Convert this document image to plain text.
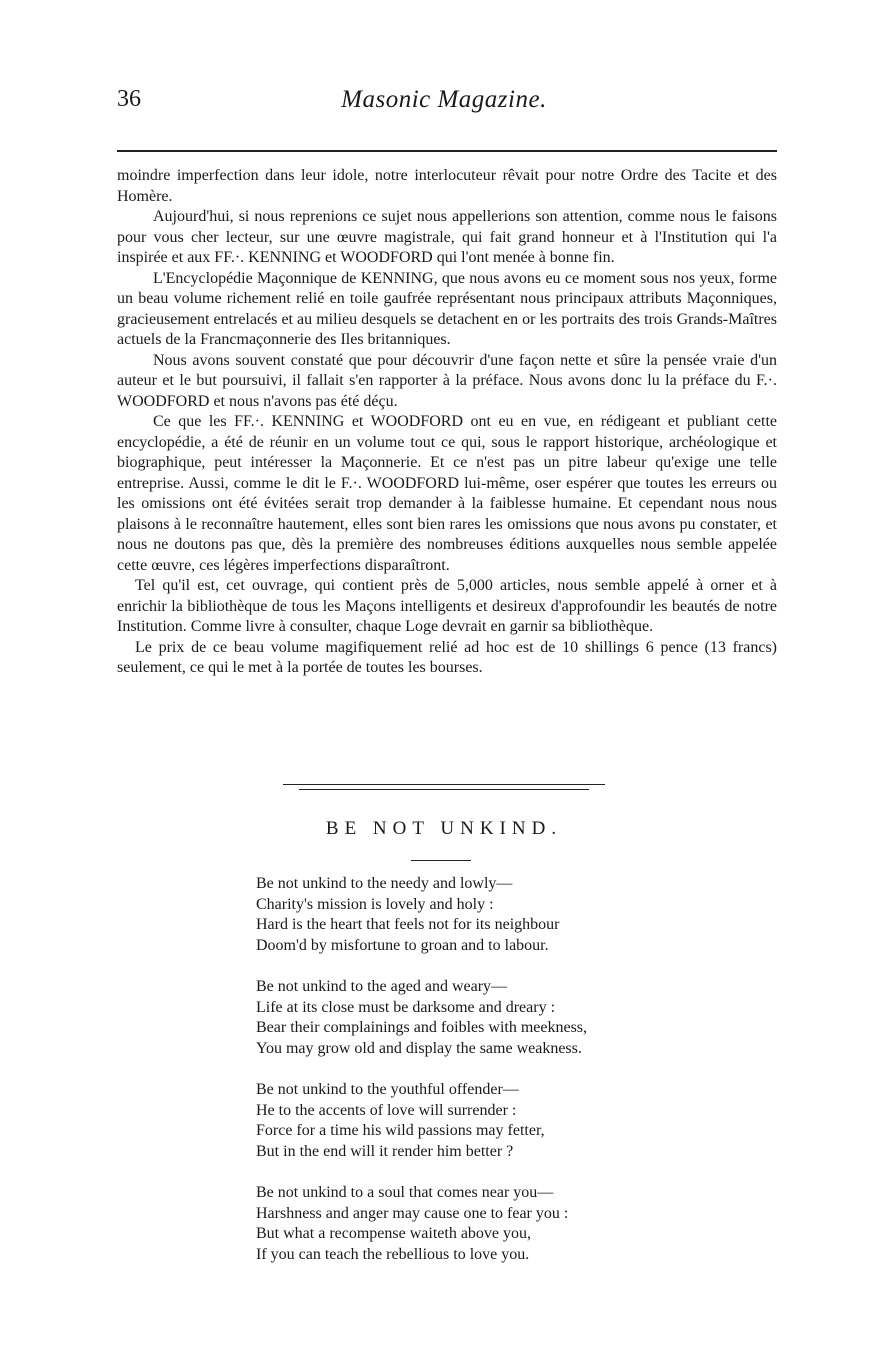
36	Masonic Magazine.

moindre imperfection dans leur idole, notre interlocuteur rêvait pour notre Ordre des Tacite et des Homère.

Aujourd'hui, si nous reprenions ce sujet nous appellerions son attention, comme nous le faisons pour vous cher lecteur, sur une œuvre magistrale, qui fait grand honneur et à l'Institution qui l'a inspirée et aux FF.·. KENNING et WOODFORD qui l'ont menée à bonne fin.

L'Encyclopédie Maçonnique de KENNING, que nous avons eu ce moment sous nos yeux, forme un beau volume richement relié en toile gaufrée représentant nous principaux attributs Maçonniques, gracieusement entrelacés et au milieu desquels se detachent en or les portraits des trois Grands-Maîtres actuels de la Francmaçonnerie des Iles britanniques.

Nous avons souvent constaté que pour découvrir d'une façon nette et sûre la pensée vraie d'un auteur et le but poursuivi, il fallait s'en rapporter à la préface. Nous avons donc lu la préface du F.·. WOODFORD et nous n'avons pas été déçu.

Ce que les FF.·. KENNING et WOODFORD ont eu en vue, en rédigeant et publiant cette encyclopédie, a été de réunir en un volume tout ce qui, sous le rapport historique, archéologique et biographique, peut intéresser la Maçonnerie. Et ce n'est pas un pitre labeur qu'exige une telle entreprise. Aussi, comme le dit le F.·. WOODFORD lui-même, oser espérer que toutes les erreurs ou les omissions ont été évitées serait trop demander à la faiblesse humaine. Et cependant nous nous plaisons à le reconnaître hautement, elles sont bien rares les omissions que nous avons pu constater, et nous ne doutons pas que, dès la première des nombreuses éditions auxquelles nous semble appelée cette œuvre, ces légères imperfections disparaîtront.

Tel qu'il est, cet ouvrage, qui contient près de 5,000 articles, nous semble appelé à orner et à enrichir la bibliothèque de tous les Maçons intelligents et desireux d'approfoundir les beautés de notre Institution. Comme livre à consulter, chaque Loge devrait en garnir sa bibliothèque.

Le prix de ce beau volume magifiquement relié ad hoc est de 10 shillings 6 pence (13 francs) seulement, ce qui le met à la portée de toutes les bourses.

BE NOT UNKIND.
Be not unkind to the needy and lowly—
Charity's mission is lovely and holy :
Hard is the heart that feels not for its neighbour
Doom'd by misfortune to groan and to labour.
Be not unkind to the aged and weary—
Life at its close must be darksome and dreary :
Bear their complainings and foibles with meekness,
You may grow old and display the same weakness.
Be not unkind to the youthful offender—
He to the accents of love will surrender :
Force for a time his wild passions may fetter,
But in the end will it render him better ?
Be not unkind to a soul that comes near you—
Harshness and anger may cause one to fear you :
But what a recompense waiteth above you,
If you can teach the rebellious to love you.
